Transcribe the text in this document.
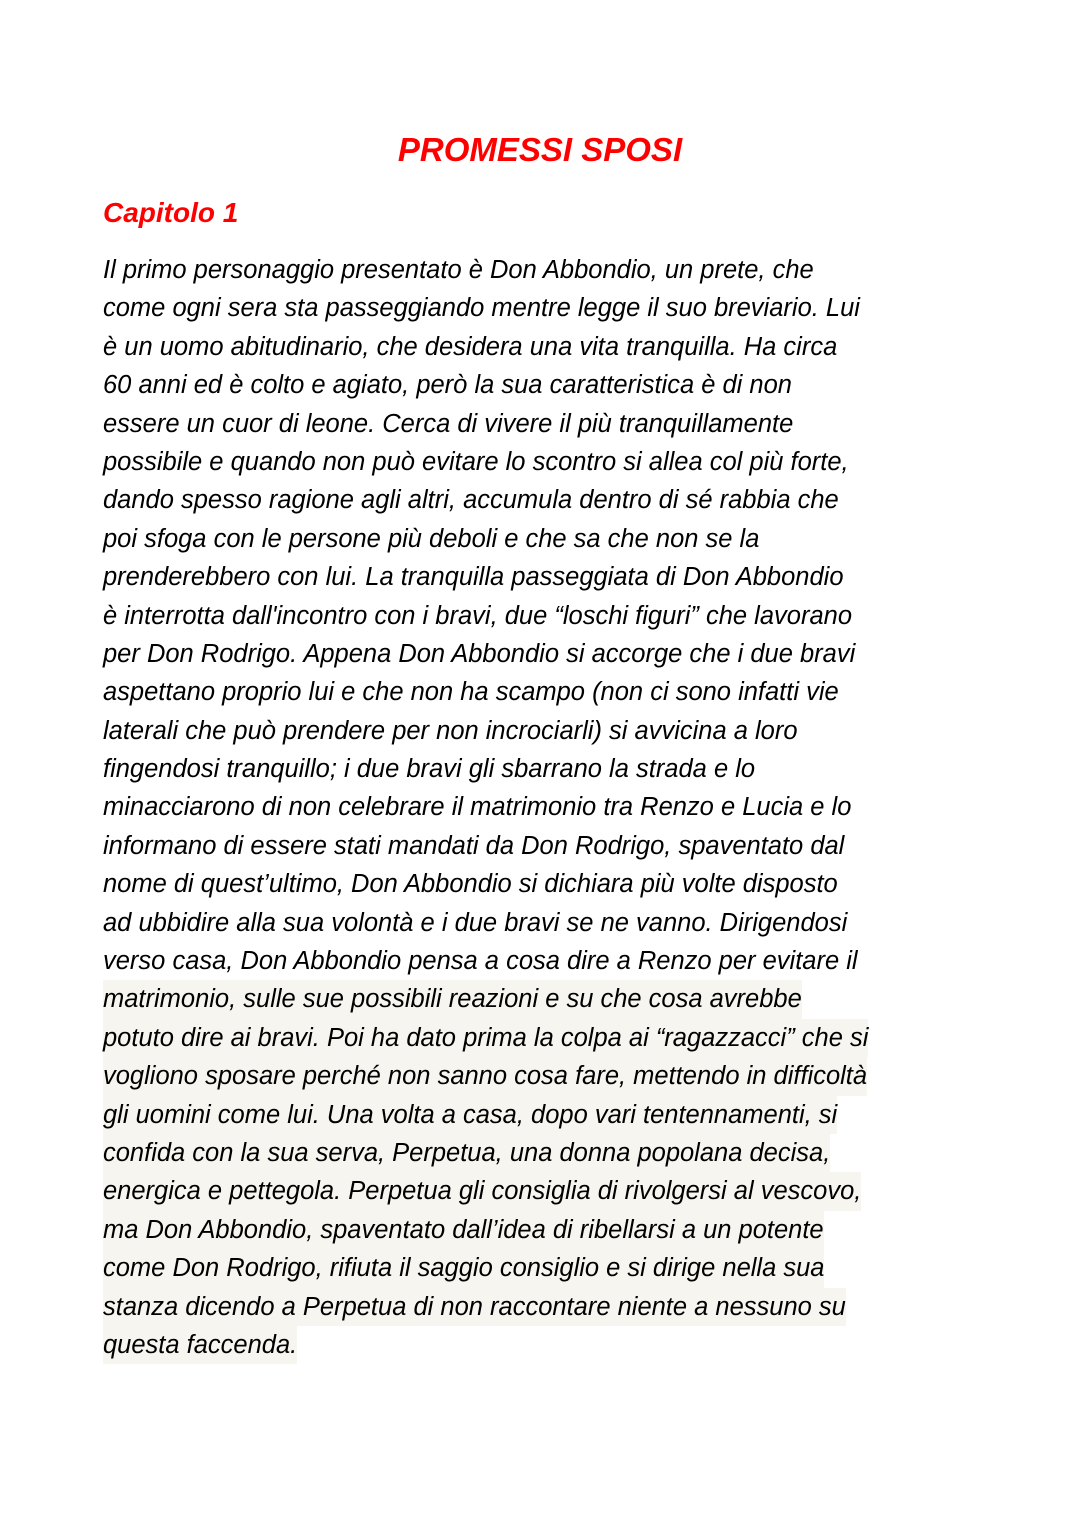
PROMESSI SPOSI
Capitolo 1
Il primo personaggio presentato è Don Abbondio, un prete, che
come ogni sera sta passeggiando mentre legge il suo breviario. Lui
è un uomo abitudinario, che desidera una vita tranquilla. Ha circa
60 anni ed è colto e agiato, però la sua caratteristica è di non
essere un cuor di leone. Cerca di vivere il più tranquillamente
possibile e quando non può evitare lo scontro si allea col più forte,
dando spesso ragione agli altri, accumula dentro di sé rabbia che
poi sfoga con le persone più deboli e che sa che non se la
prenderebbero con lui. La tranquilla passeggiata di Don Abbondio
è interrotta dall'incontro con i bravi, due “loschi figuri” che lavorano
per Don Rodrigo. Appena Don Abbondio si accorge che i due bravi
aspettano proprio lui e che non ha scampo (non ci sono infatti vie
laterali che può prendere per non incrociarli) si avvicina a loro
fingendosi tranquillo; i due bravi gli sbarrano la strada e lo
minacciarono di non celebrare il matrimonio tra Renzo e Lucia e lo
informano di essere stati mandati da Don Rodrigo, spaventato dal
nome di quest’ultimo, Don Abbondio si dichiara più volte disposto
ad ubbidire alla sua volontà e i due bravi se ne vanno. Dirigendosi
verso casa, Don Abbondio pensa a cosa dire a Renzo per evitare il
matrimonio, sulle sue possibili reazioni e su che cosa avrebbe
potuto dire ai bravi. Poi ha dato prima la colpa ai “ragazzacci” che si
vogliono sposare perché non sanno cosa fare, mettendo in difficoltà
gli uomini come lui. Una volta a casa, dopo vari tentennamenti, si
confida con la sua serva, Perpetua, una donna popolana decisa,
energica e pettegola. Perpetua gli consiglia di rivolgersi al vescovo,
ma Don Abbondio, spaventato dall’idea di ribellarsi a un potente
come Don Rodrigo, rifiuta il saggio consiglio e si dirige nella sua
stanza dicendo a Perpetua di non raccontare niente a nessuno su
questa faccenda.
